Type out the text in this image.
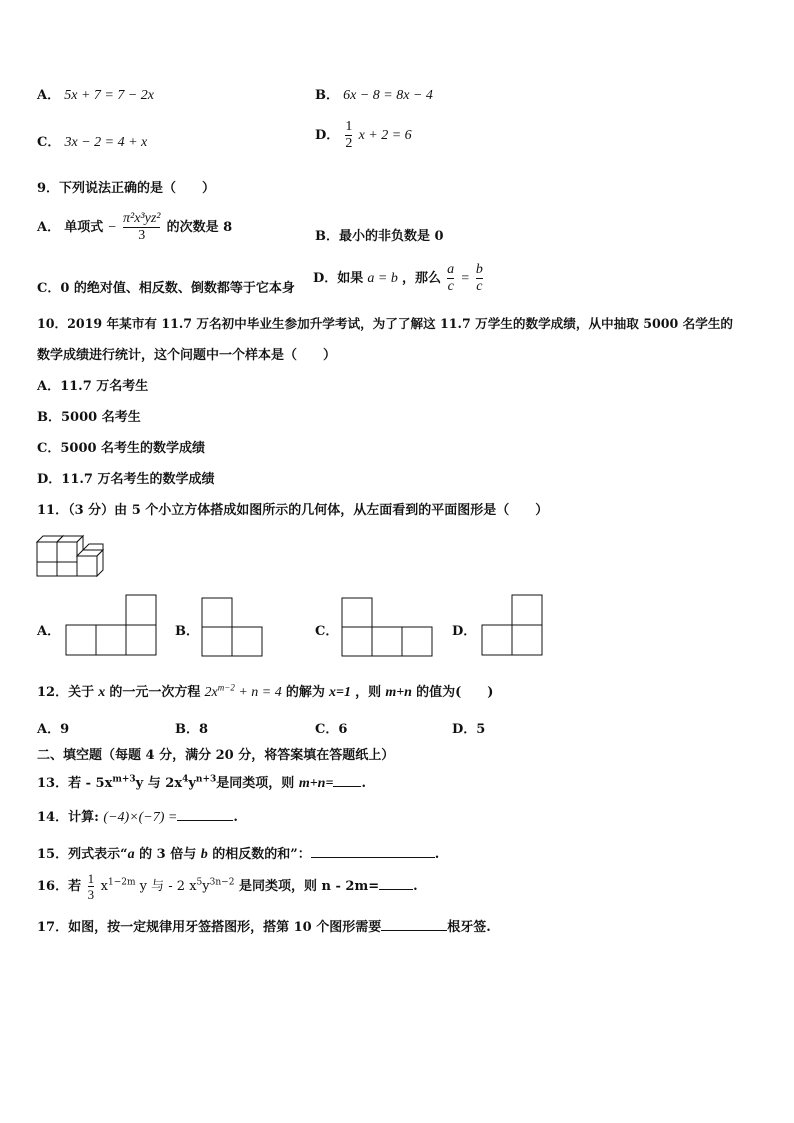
A． 5x + 7 = 7 − 2x	B． 6x − 8 = 8x − 4
C． 3x − 2 = 4 + x	D． $\frac{1}{2}$ x + 2 = 6
9．下列说法正确的是（　　）
A． 单项式 − $\frac{\text{π²x³yz²}}{3}$ 的次数是 8
B．最小的非负数是 0
C．0 的绝对值、相反数、倒数都等于它本身
D．如果 a = b ，那么 $\frac{a}{c} = \frac{b}{c}$
10．2019 年某市有 11.7 万名初中毕业生参加升学考试，为了了解这 11.7 万学生的数学成绩，从中抽取 5000 名学生的
数学成绩进行统计，这个问题中一个样本是（　　）
A．11.7 万名考生
B．5000 名考生
C．5000 名考生的数学成绩
D．11.7 万名考生的数学成绩
11．（3 分）由 5 个小立方体搭成如图所示的几何体，从左面看到的平面图形是（　　）
A．	B．	C．	D．
12．关于 x 的一元一次方程 $2x^{m-2} + n = 4$ 的解为 x=1 ，则 m+n 的值为(　　)
A．9	B．8	C．6	D．5
二、填空题（每题 4 分，满分 20 分，将答案填在答题纸上）
13．若 - $5x^{m+3}y$ 与 $2x^4y^{n+3}$是同类项，则 m+n= .
14．计算: (−4)×(−7) =	.
15．列式表示“a 的 3 倍与 b 的相反数的和”：	.
16．若 $\frac{1}{3} x^{1-2m}$ y 与 - 2 $x^5y^{3n-2}$ 是同类项，则 n - 2m=	.
17．如图，按一定规律用牙签搭图形，搭第 10 个图形需要	根牙签.
